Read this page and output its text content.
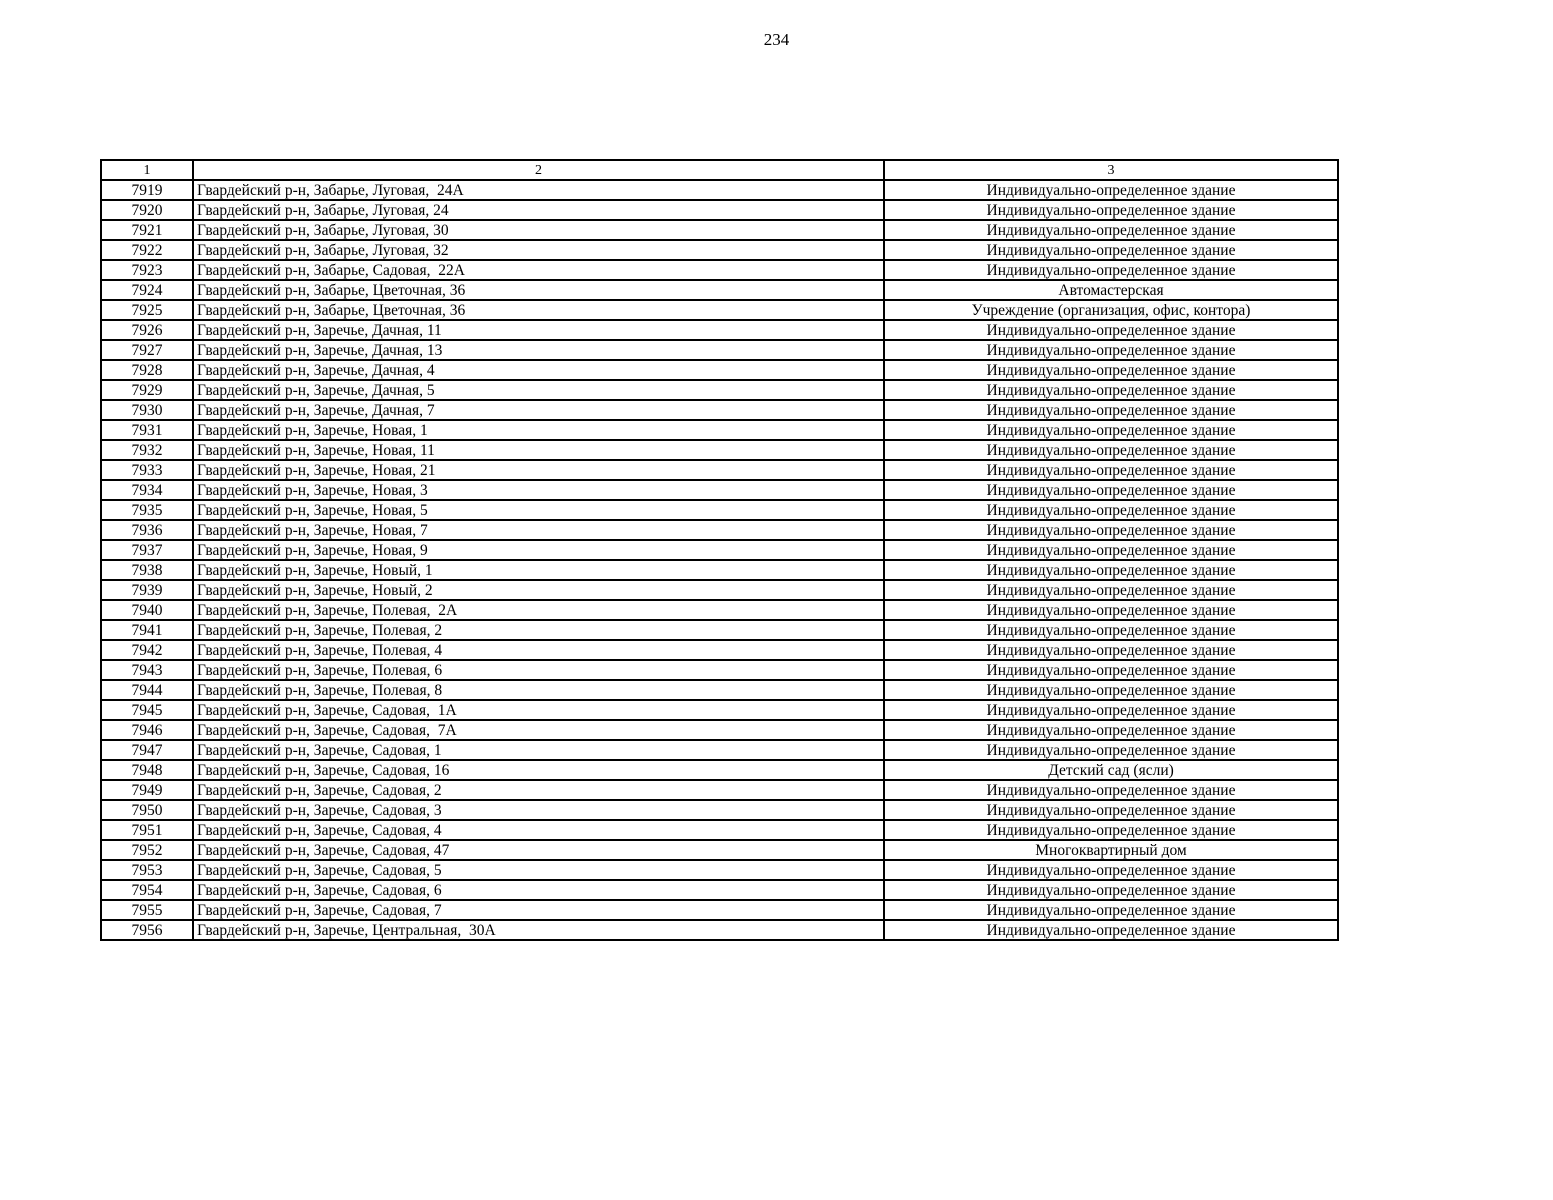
234
1	2	3
7919	Гвардейский р-н, Забарье, Луговая,  24А	Индивидуально-определенное здание
7920	Гвардейский р-н, Забарье, Луговая, 24	Индивидуально-определенное здание
7921	Гвардейский р-н, Забарье, Луговая, 30	Индивидуально-определенное здание
7922	Гвардейский р-н, Забарье, Луговая, 32	Индивидуально-определенное здание
7923	Гвардейский р-н, Забарье, Садовая,  22А	Индивидуально-определенное здание
7924	Гвардейский р-н, Забарье, Цветочная, 36	Автомастерская
7925	Гвардейский р-н, Забарье, Цветочная, 36	Учреждение (организация, офис, контора)
7926	Гвардейский р-н, Заречье, Дачная, 11	Индивидуально-определенное здание
7927	Гвардейский р-н, Заречье, Дачная, 13	Индивидуально-определенное здание
7928	Гвардейский р-н, Заречье, Дачная, 4	Индивидуально-определенное здание
7929	Гвардейский р-н, Заречье, Дачная, 5	Индивидуально-определенное здание
7930	Гвардейский р-н, Заречье, Дачная, 7	Индивидуально-определенное здание
7931	Гвардейский р-н, Заречье, Новая, 1	Индивидуально-определенное здание
7932	Гвардейский р-н, Заречье, Новая, 11	Индивидуально-определенное здание
7933	Гвардейский р-н, Заречье, Новая, 21	Индивидуально-определенное здание
7934	Гвардейский р-н, Заречье, Новая, 3	Индивидуально-определенное здание
7935	Гвардейский р-н, Заречье, Новая, 5	Индивидуально-определенное здание
7936	Гвардейский р-н, Заречье, Новая, 7	Индивидуально-определенное здание
7937	Гвардейский р-н, Заречье, Новая, 9	Индивидуально-определенное здание
7938	Гвардейский р-н, Заречье, Новый, 1	Индивидуально-определенное здание
7939	Гвардейский р-н, Заречье, Новый, 2	Индивидуально-определенное здание
7940	Гвардейский р-н, Заречье, Полевая,  2А	Индивидуально-определенное здание
7941	Гвардейский р-н, Заречье, Полевая, 2	Индивидуально-определенное здание
7942	Гвардейский р-н, Заречье, Полевая, 4	Индивидуально-определенное здание
7943	Гвардейский р-н, Заречье, Полевая, 6	Индивидуально-определенное здание
7944	Гвардейский р-н, Заречье, Полевая, 8	Индивидуально-определенное здание
7945	Гвардейский р-н, Заречье, Садовая,  1А	Индивидуально-определенное здание
7946	Гвардейский р-н, Заречье, Садовая,  7А	Индивидуально-определенное здание
7947	Гвардейский р-н, Заречье, Садовая, 1	Индивидуально-определенное здание
7948	Гвардейский р-н, Заречье, Садовая, 16	Детский сад (ясли)
7949	Гвардейский р-н, Заречье, Садовая, 2	Индивидуально-определенное здание
7950	Гвардейский р-н, Заречье, Садовая, 3	Индивидуально-определенное здание
7951	Гвардейский р-н, Заречье, Садовая, 4	Индивидуально-определенное здание
7952	Гвардейский р-н, Заречье, Садовая, 47	Многоквартирный дом
7953	Гвардейский р-н, Заречье, Садовая, 5	Индивидуально-определенное здание
7954	Гвардейский р-н, Заречье, Садовая, 6	Индивидуально-определенное здание
7955	Гвардейский р-н, Заречье, Садовая, 7	Индивидуально-определенное здание
7956	Гвардейский р-н, Заречье, Центральная,  30А	Индивидуально-определенное здание
